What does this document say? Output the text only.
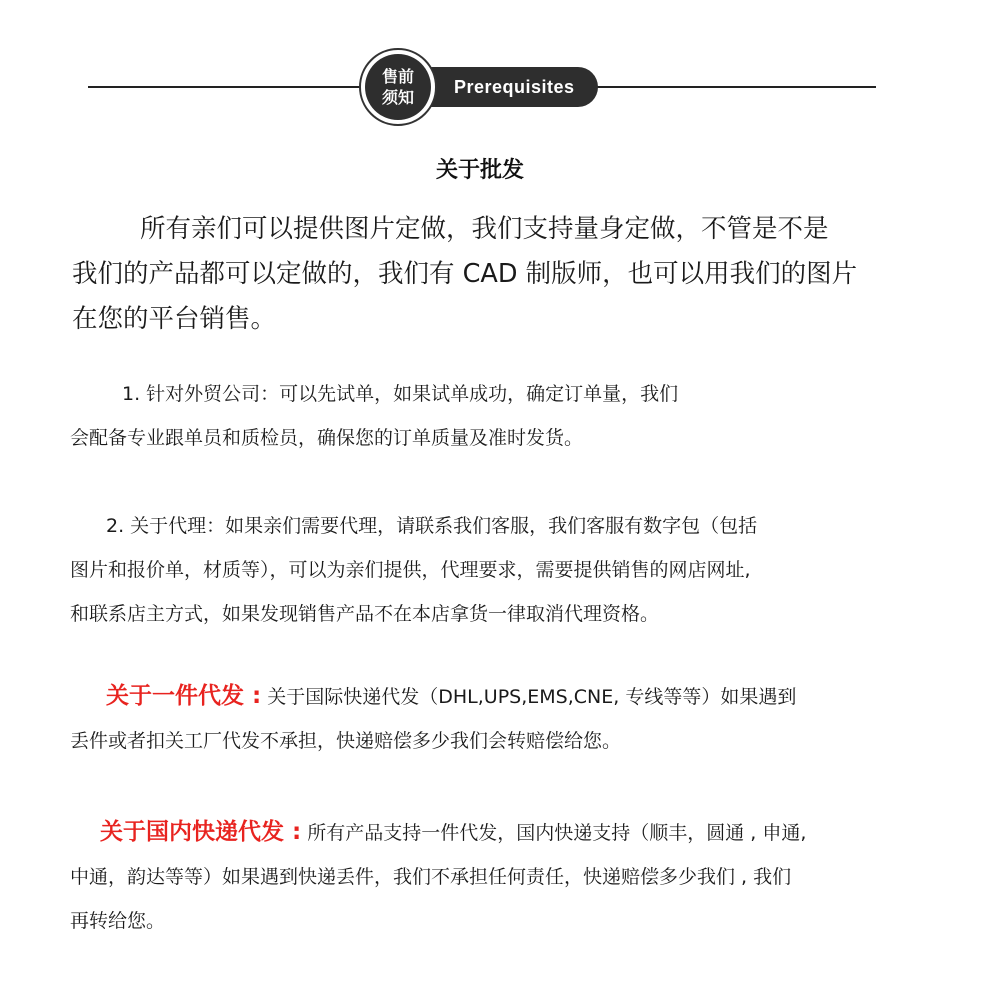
Prerequisites
售前
须知
关于批发
所有亲们可以提供图片定做，我们支持量身定做，不管是不是
我们的产品都可以定做的，我们有 CAD 制版师，也可以用我们的图片
在您的平台销售。
1. 针对外贸公司：可以先试单，如果试单成功，确定订单量，我们
会配备专业跟单员和质检员，确保您的订单质量及准时发货。
2. 关于代理：如果亲们需要代理，请联系我们客服，我们客服有数字包（包括
图片和报价单，材质等），可以为亲们提供，代理要求，需要提供销售的网店网址,
和联系店主方式，如果发现销售产品不在本店拿货一律取消代理资格。
关于一件代发 : 关于国际快递代发（DHL,UPS,EMS,CNE, 专线等等）如果遇到
丢件或者扣关工厂代发不承担，快递赔偿多少我们会转赔偿给您。
关于国内快递代发 : 所有产品支持一件代发，国内快递支持（顺丰，圆通 , 申通,
中通，韵达等等）如果遇到快递丢件，我们不承担任何责任，快递赔偿多少我们 , 我们
再转给您。
